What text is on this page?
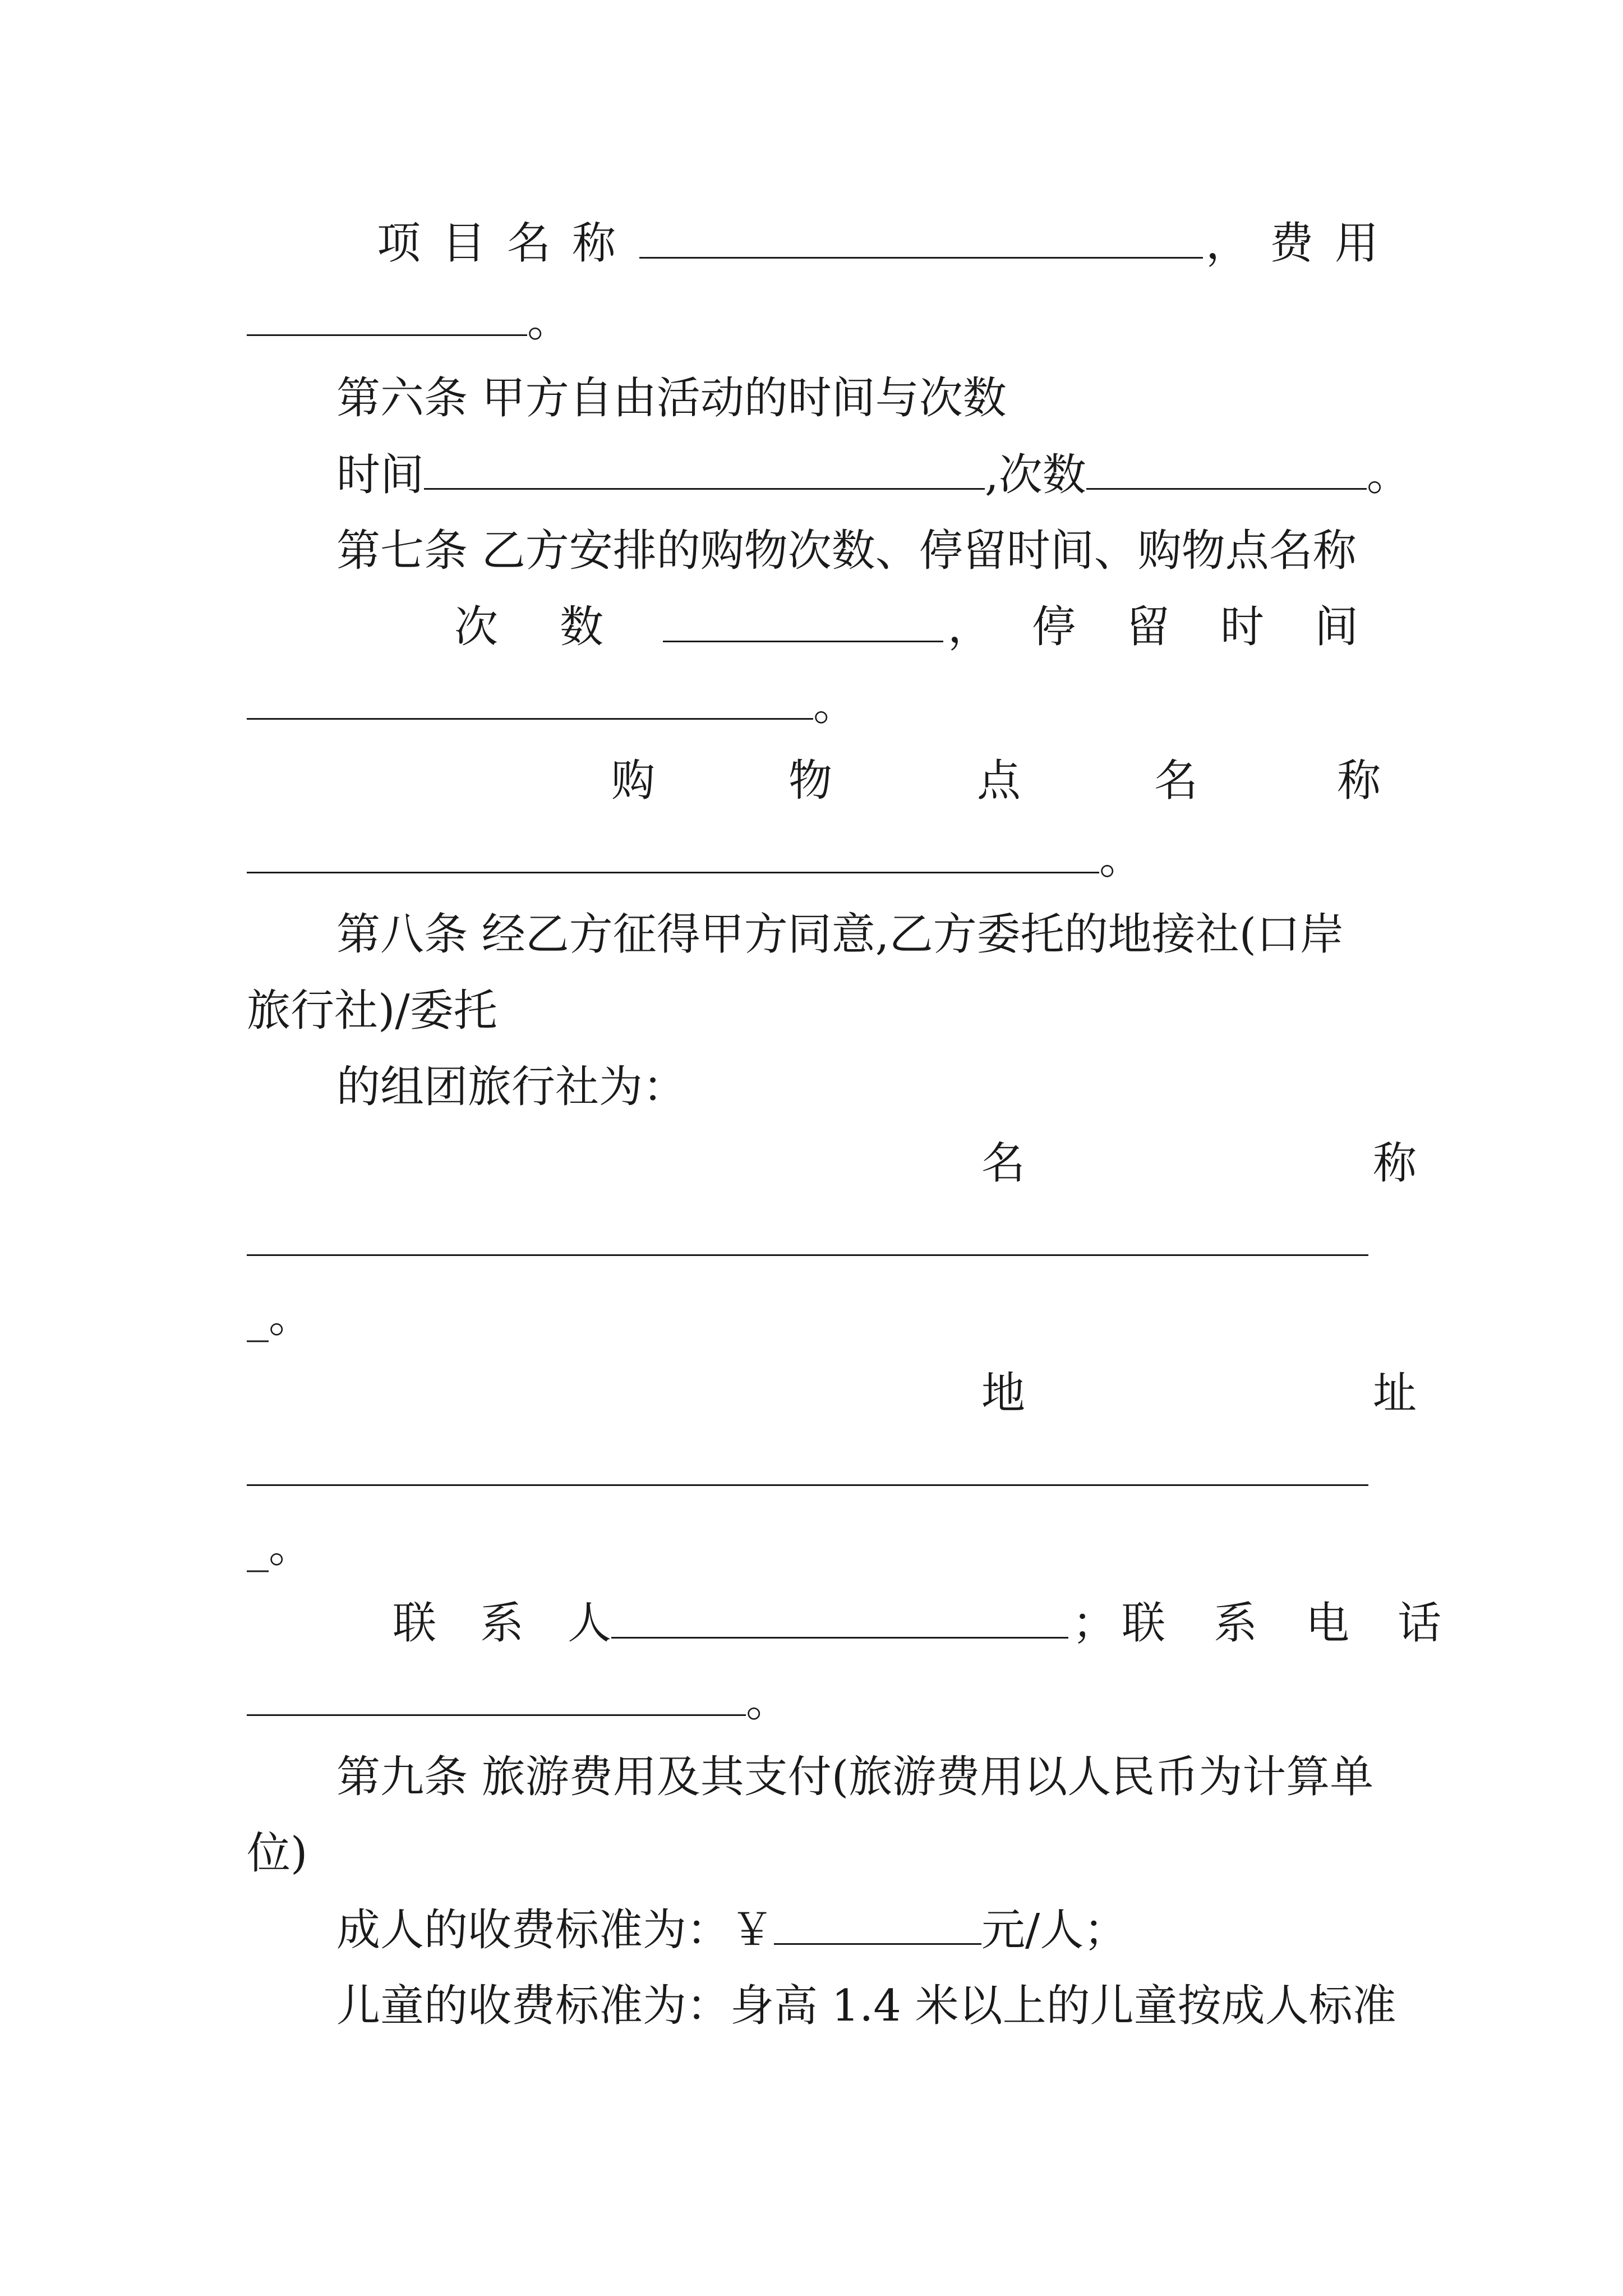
项 目 名 称	， 费 用
。
第六条 甲方自由活动的时间与次数
时间	,次数	。
第七条 乙方安排的购物次数、停留时间、购物点名称
次 数	， 停 留 时 间
。
购	物	点	名	称
。
第八条 经乙方征得甲方同意,乙方委托的地接社(口岸
旅行社)/委托
的组团旅行社为：
名	称
_。
地	址
_。
联 系 人	； 联 系 电 话
。
第九条 旅游费用及其支付(旅游费用以人民币为计算单
位)
成人的收费标准为：￥	元/人；
儿童的收费标准为：身高 1.4 米以上的儿童按成人标准
